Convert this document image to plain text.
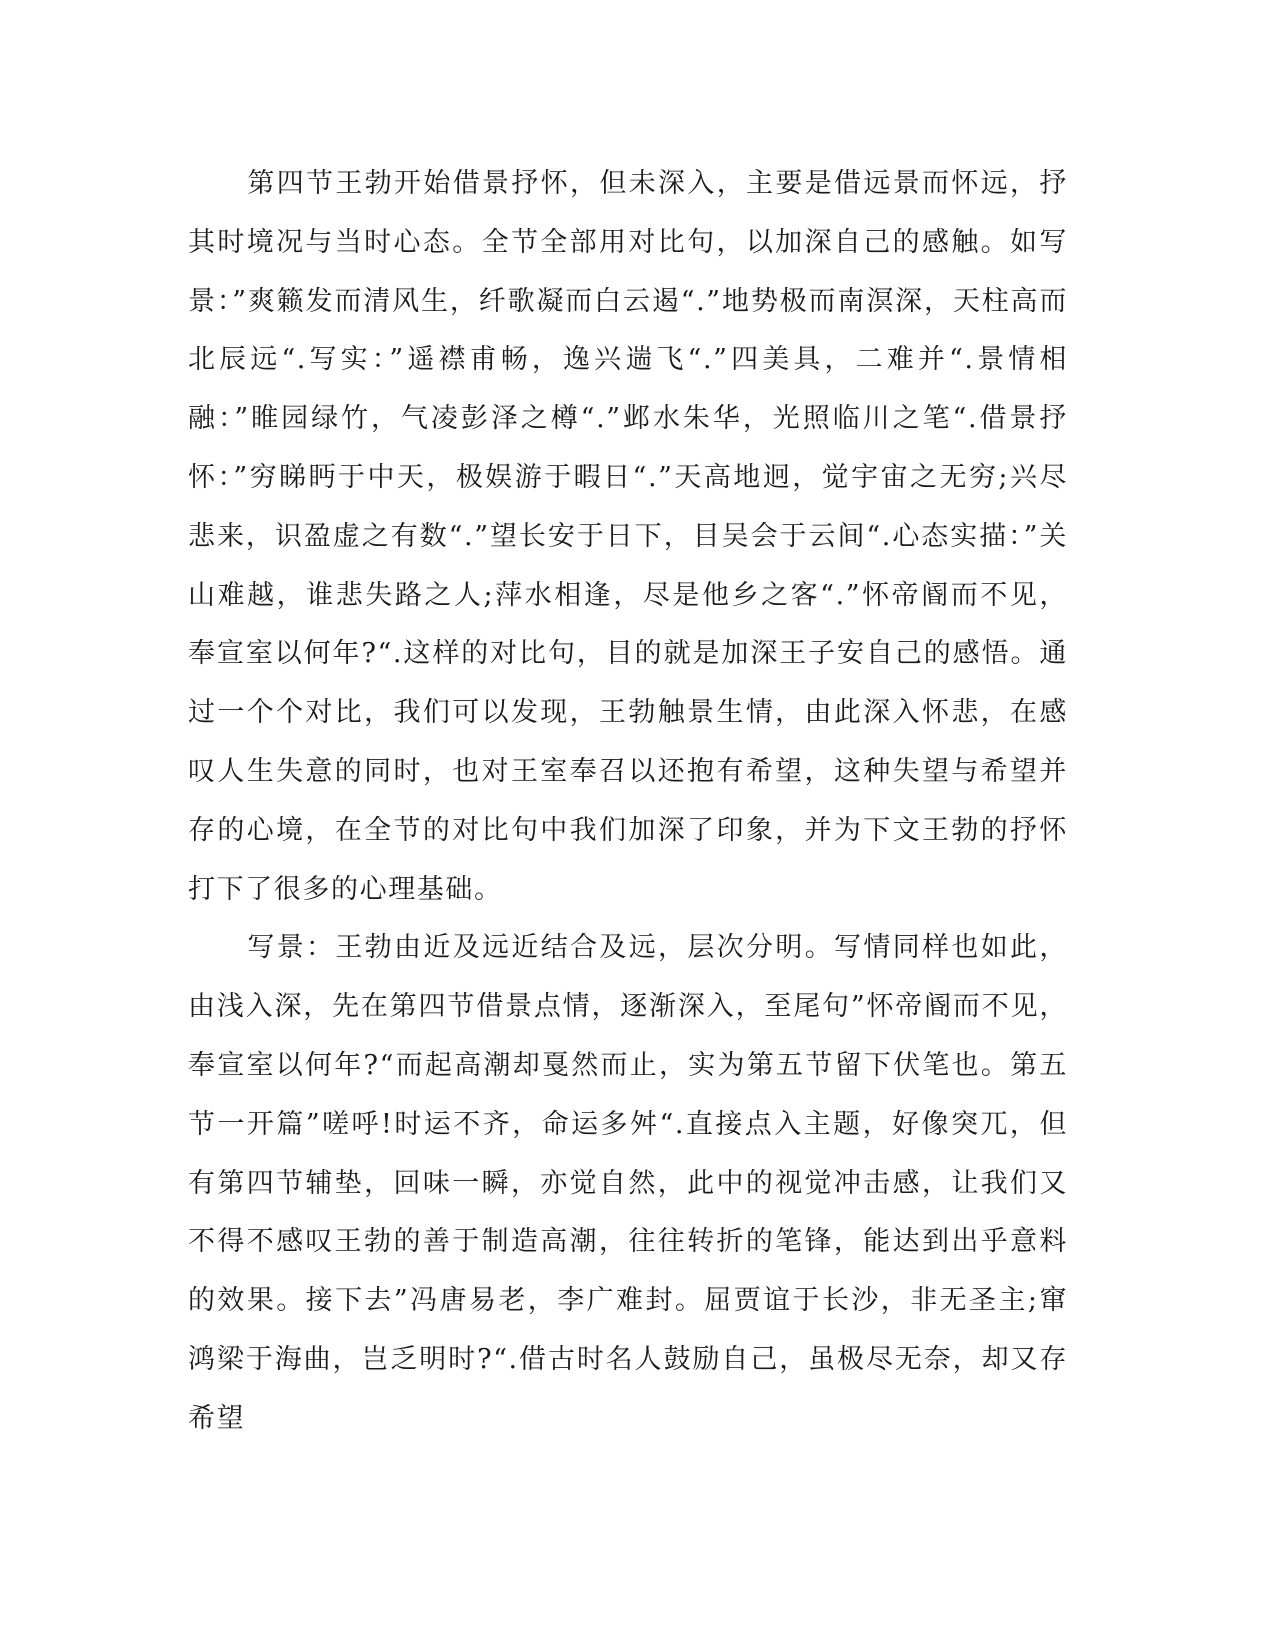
第四节王勃开始借景抒怀，但未深入，主要是借远景而怀远，抒其时境况与当时心态。全节全部用对比句，以加深自己的感触。如写景：”爽籁发而清风生，纤歌凝而白云遏“.”地势极而南溟深，天柱高而北辰远“.写实：”遥襟甫畅，逸兴遄飞“.”四美具，二难并“.景情相融：”睢园绿竹，气凌彭泽之樽“.”邺水朱华，光照临川之笔“.借景抒怀：”穷睇眄于中天，极娱游于暇日“.”天高地迥，觉宇宙之无穷;兴尽悲来，识盈虚之有数“.”望长安于日下，目吴会于云间“.心态实描：”关山难越，谁悲失路之人;萍水相逢，尽是他乡之客“.”怀帝阍而不见，奉宣室以何年?“.这样的对比句，目的就是加深王子安自己的感悟。通过一个个对比，我们可以发现，王勃触景生情，由此深入怀悲，在感叹人生失意的同时，也对王室奉召以还抱有希望，这种失望与希望并存的心境，在全节的对比句中我们加深了印象，并为下文王勃的抒怀打下了很多的心理基础。

写景：王勃由近及远近结合及远，层次分明。写情同样也如此，由浅入深，先在第四节借景点情，逐渐深入，至尾句”怀帝阍而不见，奉宣室以何年?“而起高潮却戛然而止，实为第五节留下伏笔也。第五节一开篇”嗟呼!时运不齐，命运多舛“.直接点入主题，好像突兀，但有第四节辅垫，回味一瞬，亦觉自然，此中的视觉冲击感，让我们又不得不感叹王勃的善于制造高潮，往往转折的笔锋，能达到出乎意料的效果。接下去”冯唐易老，李广难封。屈贾谊于长沙，非无圣主;窜鸿梁于海曲，岂乏明时?“.借古时名人鼓励自己，虽极尽无奈，却又存希望
